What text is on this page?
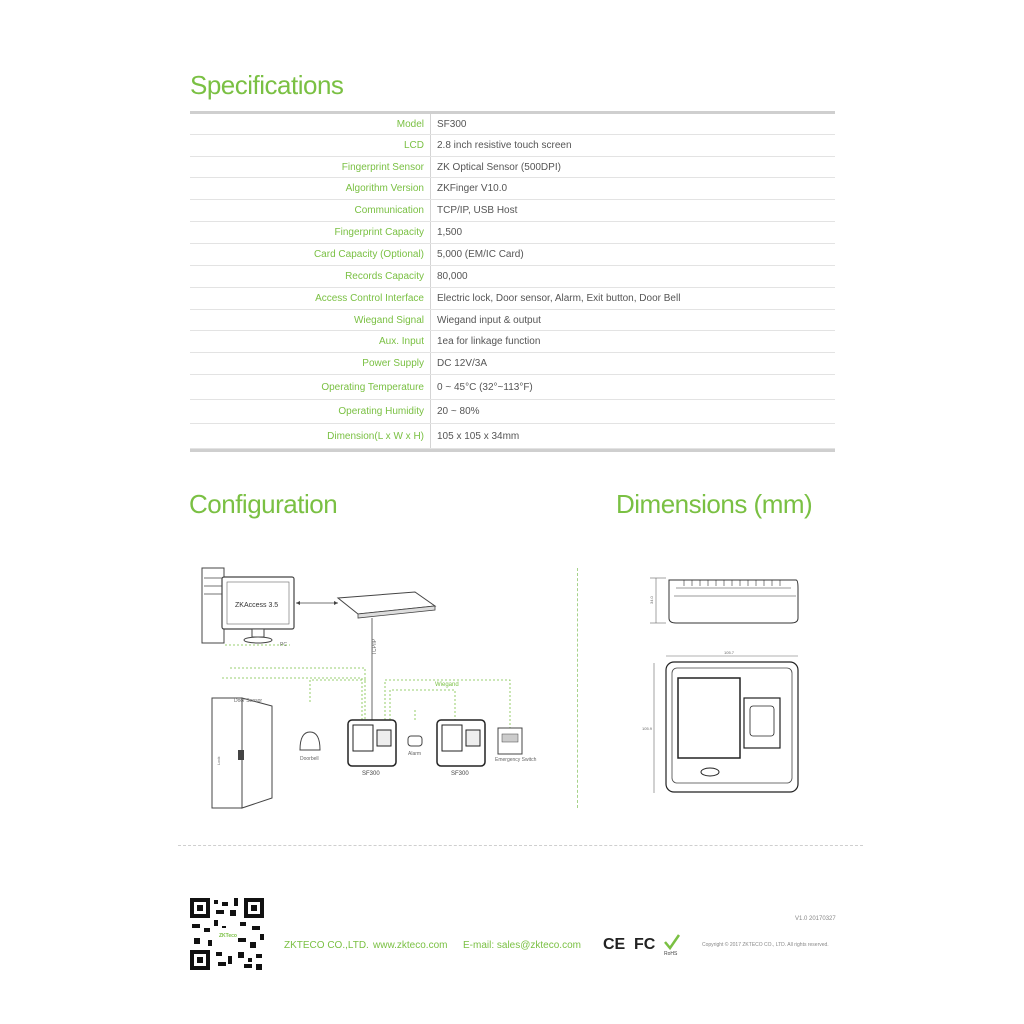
Specifications
Model	SF300
LCD	2.8 inch resistive touch screen
Fingerprint Sensor	ZK Optical Sensor (500DPI)
Algorithm Version	ZKFinger V10.0
Communication	TCP/IP, USB Host
Fingerprint Capacity	1,500
Card Capacity (Optional)	5,000 (EM/IC Card)
Records Capacity	80,000
Access Control Interface	Electric lock, Door sensor, Alarm, Exit button, Door Bell
Wiegand Signal	Wiegand input & output
Aux. Input	1ea for linkage function
Power Supply	DC 12V/3A
Operating Temperature	0 ~ 45°C (32°~113°F)
Operating Humidity	20 ~ 80%
Dimension(L x W x H)	105 x 105 x 34mm
Configuration	Dimensions (mm)
ZKAccess 3.5
PC	TCP/IP
Wiegand
Door Sensor
Lock	Doorbell
SF300
Alarm
SF300
Emergency Switch
34.0
105.7
105.9
ZKTeco
ZKTECO CO.,LTD. www.zkteco.com E-mail: sales@zkteco.com
V1.0 20170327
CE FC
RoHS
Copyright © 2017 ZKTECO CO., LTD. All rights reserved.
